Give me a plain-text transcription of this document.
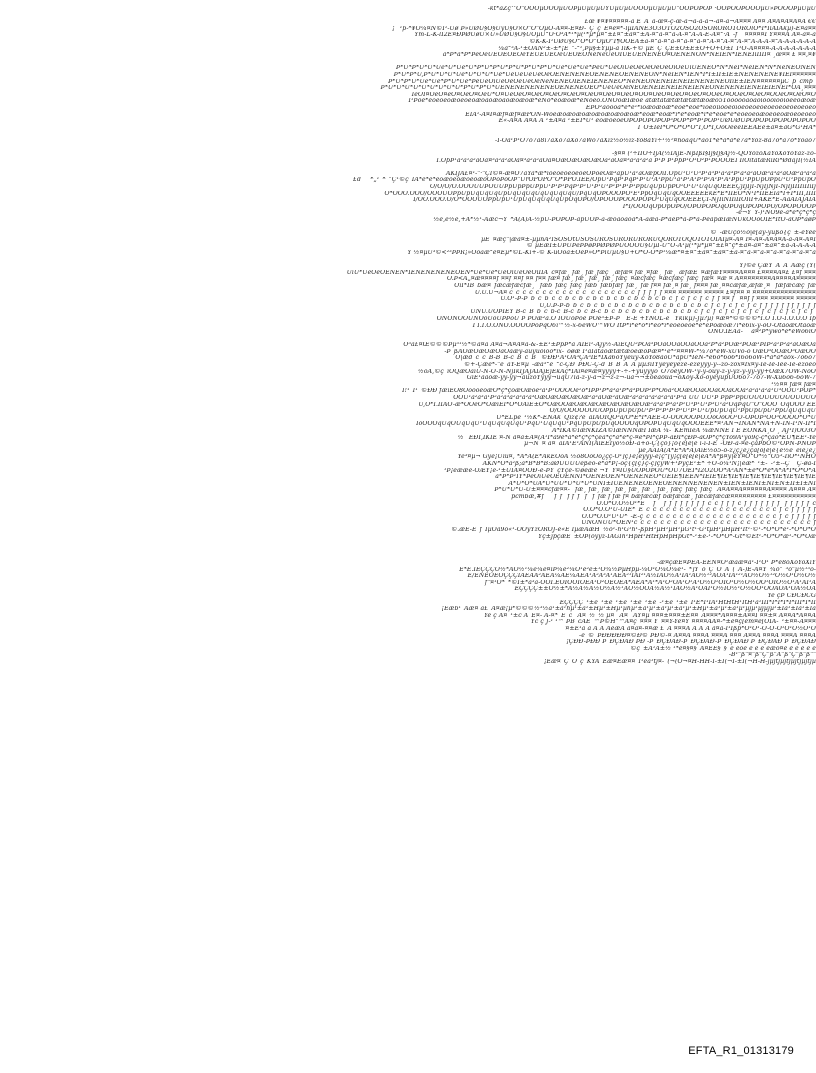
-kt*äZç^Ö"ÖÖÖµÖÖÖµÜÖÞµÜµÜµÜŸÜµÜµÜÖÖÖµÜµÜµÜ"ÖÖÞÖÞÖÞ ·ÖÖÞÖÖÞÖÖÖµÜ»ÞÖÖÖÞµÜµÜ
£œ ¥¤¥¤¤¤¤¤-ä Ë¯Ä¨ä-œ¤-ç-œ-ä¬ä-ä-ä¬-ä¤-ä¬Ä¤¤¤ Ä¤¤ Ã¤Ã¤Ã¤Ã¤Ã €€
¡ ¯¹þ-*¥Ö¼¤Ñ©Ï¹-Ûø Þ»ÜØÜ§Ö§ÜÿÜ§Ö×Ö"Ö"ÖµÖ-Ä¤¤-Ë¤Ð-¯Ç¨ç¯Ë¤ë¤*-lµÏÄÑÈ3Ó3ÓTÓ2ÓSÓ2ÓSÓRÓRÓ1ÓRÓlÓ*Ï*ÎiÄÎÄkµ)-Ë¤ä¤¤
Ym-L-K-lÍ2Ë¤ÐÞØÜøÜ×Ü»ÜØÜ§Ö§ÜÖµÜ°Ö·Ö³Ä*¹*µ(¹*µ*µ¤°±£¤°±ä¤°±Ã-¤°ä-¤°ä-Å-¤°Å-Å-Ë-Å¤°·Ä¨-f ¨ ¤¤¤¤¤Í Y¤¤¤Ä Ä¤-ä¤-ä
©K-K-Ï¹ÜØÜ§Ö°Ö*Ö"ÖµÖ"Î¶ÖÖËÅ±ä-¤°ä-¤°ä-¤°ä-¤°ä-¤°Å-¤°Å-¤°Å-¤°Å-Ä-Å-¤°Å-Ä-Å-Ä-Å-Ä
¼â°³Ä-¹±ÖÅÑ²±-±*¡Ë¯"-°¹,Þµ§±Ýµµ-ä ÌîK-+© µË¯Ç¯ÇÈ±Ö±Ë±Ö+Ö+Ö±Ï¯Ï¹Ö-Ä¤¤¤¤-Ä-Ä-Ä-Ä-Ä-Ä-Ä
á*Þ*á*Þ*ÞëÖëÜËÖËÖËÖëÝËÜËÜËÖëÜËÖËÖÑëÑëÜëÖÏÜËÜËÑËÑËÖ¤ÖËÑËÑÖÑ*ÑÈÏÈÑ*ÏÈÑÉÏiÏÌÎÌ¤ ¸œ¤¤ £ ¤¤,¤¥
Þ*Ü*Þ*Ü*Ü*Üë*Ü*Üë*Ü*Þ*Ü*Þ*Ü*Þ*Ü*Þ*Ü*Þ*Ü*Üë*Üë*Üë*ÞëÜ*ÜëÖiÜëÖëÖëÖëÖëÖiÖëÜiÜËÑËÖ*Ñ*ÑëÏ*ÑëÏËÑ*Ñ*ÑëÑËÖÑËÑ
Þ*Ü*Þ*Ü,Þ*Ü*Ü*Ü*Üë*Ü*Ü*Ü*Üë*ÜëÜëÜëÜëÖëÖËÑËÑËÑËÖËÑËÑËÖËÑËÑËÖÑ*ÑëÏÈÑ*ÏÈÑ*Ï*Ï±ÏÏ±ÍÈ±ÑÈÑÈÑËÑË¥ÍÉÌ¤¤¤¤¤¤
Þ*Ü*Þ*Ü*Üë*Üë*Þ*Ü*Üë*ÞëÜëÖiÜëÖëÖëÜëÖëÑëÑËÑËÖÏËÑËÏÈÑËÑËÖ*ÑèÑËÖÑËÑËÏÈÑÉÏÈÑËÑËÑËÖÏiÈ±ÏÈÑ¤¤¤¤¤¤µC¯þ¯cmþ¯
Þ*Ü*Ü*Ü*Ü*Ü*Ü*Ü*Ü*Ü*Þ*Ü*Þ*Ü*ÜÉÑËÑËÑËÑËÑËÖËÑËÑËÖËÖ*ÜëÜëÖèÑËÖËÑÉÏÈÑÈÏÈÑÈÏÈÑËÖÑËÑËÑËÏÈÑÉÏÈÏÈÑÉÏ*ÖÅ¸¤¤¤
ÏëÖÏ¤ÖëÖ¤ëÖ¤ÖëÖ¤ÖëÜ*Ö¤ÜëÖëÖ¤ÖëÖ¤ÖëÖ¤ÖëÖ¤ÖëÖ¤ÖëÖ¤ÖëÖ¤ÖÖ¤ÖëÖ¤ÖëÖ¤ÖëÖ¤ÖÖëÖ¤ÖÖëÖ¤ÖëÖ¤ÖÖëÖ¤ÖëÖ¤Ö
Ï¹Þöè*ëöëöëöæöëöëöæöãöæöãöæöæöæ*ëÑö*ëöæöæ*ëÑöëö.ÖÑÖöæÏæöë ätætätætætætætæöæö51öööööãöäöiöööiööiöëëöæöæ
ÉÞÖ²ãöööâ*ë*ë¹*iöæöæöæ*ëöë*ëöë*iöëöïiööëöiöëöëöëöëöëöëöëöëöëöëö
ËÏÄ¹-Ä¤Ï¤æf¤æf¤æPÖN-Wöëæöæöæöæöæöæöæöæöæ*ëöæ*ëöæ*ï*ë*ëöæ*ï*ë*ëöë*ë*ëöëöëöæöëöëöæöëöëöëö
Ë«-Ä¤Ä Ä¤Ä Ä ¹±Ä¤ä ¹±ÈÏ*Ü¹ ëöæöëöëÖÞÖÞÖÞÖÞÖÞ³ÞÖÞ*Þ*Þ¹ÞÖÞ¹ÜØÜØÜÞÖÞÖÞÖÞÖÞÖÞÖÞÖÖ
Ï¯Ö±ÏëÏ*Ö*Ö*Ö*Ö°Ï,Ö*Ï,ÖöÖëëëÏÉËÄËë±ã¤±ãG*G¹HÄ*
-I-Öä¹Þ¹Ö7ö7ã8i7ãXö7ãXö7ãWö7ãXiz½ö½iz-Yö8ãYi÷¹½¹¤ñöãqÜ*ãö1*ë*ã*ã*ë7ä*Yöz-8ä7ö*ä7ö*Yöãö7
-§¤¤ (¹÷ÏÎÖ÷ÏjÀ(½ÏÄjÉ-ÑßÏßÏ§Ïj§Ïj§Äj½-QÖYözöXãYöXöYöYãz-zö-
Ï.ÖþÞ¹â²ä¹â²äÖä¤³ä²ä²äÖä¤³ä²ä²äÖä¤ÖæÖæÖæÖæÖã²äÖä¤³ä²ä²ä²ä Þ¹Þ Þ¹ÞþÞ¹Ö¹Ö²Þ¹ÞÖÖÖÉÏ ÏlÖitätæRiRi*ØdäJÏ(½ÏÄ
ÄKÏJÄ£¤¹-"·"ÇÎ©¤-æ¤Ö7ãYä*æ*iöëöëöëöëöëÖÞöëÖæ³äpÜ¹ä¹äÖæpÖiÏ.ÖpÜ¹Ü¹Ü³Þ¹ä³Þ¹ä²ä³Þ¹ä³ä²äÖæ³ä³ä²äÖæ²ä³ä²ä
£d¯¯¯*„¹¯*¯"Ç¹©ç¯ÏÄ*ë*ë*ëöæöëöæöëöæöÖÞöÞöÖÞ"ÜrÖPÖPÖ"Ö*ÞPÖ.ÏÈÈ/ÖpÜ¹ÞqÞ¹ÞqÞ¹Þ¹Ü¹Ä¹ÞpÜ¹ä¹Þ¹Ä¹Þ¹Þ¹Ä¹Þ¹Ä¹ÞpÜ¹ÞpÜpÖÞpÜ¹Ü¹ÞpÜpÖ
Ö/Ö/Ö/Ö.ÖÖÖÜÜÞÖÜÜÞpÜpÞpÜÞpÜ¹Þ¹Þ¹ÞqÞ¹Þ¹Ü¹Þ¹Ü¹Þ¹Þ¹Þ¹Þ¹ÞpÜqÜpÜpÞÖ¹Ö¹Ü¹ÜqÜqÖÉÉÉÇjÏjÏjÏ-ÑjÏjÑjÏ-ÑjÏjÏÏÎÏiÏÏiÏj
Ö*ÖÖÖ.ÖÖÖ/ÖÖÖÜÖÞpÜpÜqÜqÜqÜpÜqÜqÜqÜqÜqÜqÜqÜ/ÞqÜqÖÞÖÖÖÞÖ¹Ë¹ÞpÖqÜqÜqÖÖÉÉÉÉÉkË*Ë*ÏÏÈÖ*Ñ¹Ï*ÏÏÉËÏä*Ï+Ï*ÏÏÏ,ÏÏÏÏ
Ï/ÖÖ.ÖÖÖ.Ö/Ö*ÖÖÖÜÖÞpÜpÜ¹ÜpÜqÜqÜqÜqÜpÖqÖÞÖ/ÖÞÖÖÖÞÖÖÖÞÖÞÖ¹ÜqÜqÖÖÉÉÉÇÏ-ÑJÏiÑÏÏiÏÏÖÏiÏ+ÄKË*Ë-ÄäÄÏÄJÄÏÄ
Ï*Ï/ÖÖÖqÖpÖpÖÞÖ/ÖÞÖÞÖÞÖqÖÞÖqÖÞÖÞÖÞÖ/ÖÞÖÞÖÖÖÞ
-ë¬Y¯Y-)¹ÑÖ9ë-ä*ë*ç*ç*ç
½ë,ë½ë,+Ä*½¹-Äæc¬Y¯*Ä(Ä)Ä-½pÜ-ÞÖÞÖÞ-äpÜÖÞ-ä-æöäöäöã*Ä-äæä-Þ*äëÞ*ä-Þ*ä-ÞëäpæÏæÑÜkÖÖöÖÏË*ÏtÖ-äÖÞ*äøÞ
©¯-æÜçõ½ö|ë[äÿ-ÿüßö{ç¯±-ëÝëë
µË¯¤æç"|æä¤±-µµñÄ²ÏSÖSÖtÜSÖSÜRÖSÜRÖRÜRÖRÜQÖRÖ1ÖQÖ1Ö1ÖÏÄÏµ¤-Ä¤ Ï¤-Ä¤-Ä¤Ä¤Ä-ä-Ã¤-Ä¤Ï
© µËæÏ±ÜÞÜÞëÞÞøÞÞØÞØÞÜÖÖÖÜ§ÜµÏ-Ü°Ö-Ä¹µ(¹*µ*µ¤°±£¤°ç*±ä¤-ä¤°±ä¤°±ä-Ä-Ä-Ä-Ä
Y ½¤µÜ³©<²³ÞÞR¡»Ööåæ°ë¤Ëµ*©L-Ki+-© K-uÖöä±ÖëÞ»Ö*ÞiÜµÜ§Ü+Ö*Ö-Ö*Þ¹¼æ*¤±¤°±ä¤°±ä¤°±ä-¤°ä-¤°ä-¤°ä-¤°ä-¤°ä-¤°ä
Y)©ë ÇæY¨Ä¨Ä¯Äæç (Y(
ÜiÜ*ÜëÖëÖËÑËÑ*ÏËÑËÑËÑËÑËÖËÑ*Üë*Üë*ÜëÖiÜëÖëÖiÏÏÄ¯c¤fæ¸ fæ¸ fæ¸fæç¯¸æfæ¤ fæ¸¤fæ¸¯fæ¸¯æfæÉ¯¤æfæY¤¤¤¤Ä¤¤¤ £¤¤¤¤Ä¤£ £¤f ¤¤¤
Ö.Þ<Ä„¤æ¤¤¤¤f ¤¤f ¤¤f ¤¤ f¤¤ fæ¤ fæ¸ fæ¸ fæ¸ fæ¸ fæç¯¤æcfæç¯¤æcfæç¯fæç¯fæ¤¯¤æ ¤ Ä¤¤¤¤¤¤¤¤Ä¤¤¤¤Ä¤¤¤¤¤
ÖiÏ*ÏB¯bæ¤¯fæcæfæcfæ¸ ¯fæb¯fæç¯fæç¯fæb¯fæbfæf¯fæ¸¯fæ f¤¤ fæ¸¤ fæ¸ f¤¤¤ fæ¸¤¤cæfæ,æfæ¸¤¯ fæfæcæç¯fæ
Ü.Ü.Ü¬Ä¤ c¯c¯c¯c¯c¯c¯c¯c¯c¯c¯c¯c¯ c¯c¯c¯c¯c¯c¯c¯f¯f¯f¯f¯f ¤¤¤ ¤¤¤¤¤¤ ¤¤¤¤¤ £¤f¤¤ ¤ ¤¤¤¤¤¤¤¤¤¤¤¤¤¤¤¤
Ü.Ö¹-Þ-Þ¯b¯c¯b¯c¯c¯b¯c¯b¯c¯b¯c¯b¯c¯b¯c¯b¯c¯b¯c¯b¯c¯f¯c¯f¯c¯f¯c¯f¯f ¤¤ f¯ ¤¤f f ¤¤¤ ¤¤¤¤¤¤ ¤¤¤¤¤
Ü,Ü.Þ-Þ-b¯b¯c¯b¯c¯b¯c¯b¯c¯b¯c¯b¯c¯b¯c¯b¯c¯b¯c¯b¯c¯f¯c¯f¯c¯f¯c¯f¯c¯f¯f¯f¯f¯f¯f f¯f¯f¯f¯f
ÜNÜ.ÜÖÞÏËY B-c¯B¯b¯c¯b-c¯B-c¯b¯c¯B-c¯b¯c¯b¯c¯b¯c¯b¯c¯b¯c¯b¯c¯b¯c¯f¯c¯f¯c¯f¯c¯f¯c¯f¯c¯f¯c¯f¯c¯f¯c¯f¯c¯f¯
ÖNÖNÖÖÜNÖoÜoÜÞÞoÜ Þ ÞÖæ²ä.Ö ÏÖÜoÞöè ÞÖë³±Þ-Þ¯¯Ë-E +YNÖL-ë¯ Ykikµ)-Jµ?µ) ¤æ¤*©©©©*Ï.Ö Ï.Ö-Ï.Ö.Ö.Ö Ïþ
Ï Ï.Ï.Ö.ÖNÖ.ÖÖÖÖÞöÞqÖ6ï™½-x-6ëWÖ™WÖ ÏtÞ*ï*ë*ö*ï*ëö*ï*ëöëöëöë*ë*ëÞöæöæ7i*ë6ix-y-oÖ-ÖtäöæÖtäöæ
ÖNÖ.ÏËÅã-¯ ¯ã¤²Þ*ÿwö*ë*ëWö6iÖ
Ö³ã£¤Œ©©©Þµ³¹½*©ä¤ä Ä¤ä¬Ä¤Ä¤ä-&-±Ë¹±ÞpÞ*ä ÄÎËi¹-Äjÿ½-ÄiËQÜ²ÞÖä³ÞÖäÖÖäÖÖäÖÖä²Þ*ä²ÞÖæ²ÞÖæ¹ÞÏÞ²ä¹Þ²ä²äÖæÖä
-Þ¯ßÄÖæÖæÖæÖàÖàæy-ãüyüöiöö*ix-¯öøæ Ï¹äÏätäöætætæöëæöÞæ¤*¹ë*¹¤¤¤W-*¼7ö*ëW-xÜVö-ö ÖæÖ³ÖÖæÖ³ÖæÖÖ
Ö|æd¯c¯c¯B-B¯B-c¯B¯c¯B ¯©ÐÐ¹Ä¹ÖÄ³ÇÄ³ÏË*ÏXä6öÝÿëüÿ-XöYö8äöÜ*äþÜ*ÏëN-*ë6ö*6ö6*Ï6ö6öW-ï*ä*ä*aöx-7ö6ö7
©+-Çæë*-"ë¯ãY-Ë¤µ¯-æã³°ë¯°c-ÇÐ¯ÞÐC-Ç-d¯B¯B¯Ä¨Ä µµ3iÏYÿëÿëyëzë-ëzëÿyÿ-ÿ--zö-zöx¤Ïx¤ÿ-Ïë-Ïë-Ïëë-Ïë-ëzöëö
½öÄ,©ç¯iÖQæÖäiÜ-Ñ-Ö-Ñ-ÑjÏkÏJÄJÄÏÄjËjËkÄç*ÏÄi¤é¤æ¤ÿÿÿÿ+-÷-+ÿüÿyÿö¯Ö7öëÿÖW-¹ÿ-y-öüy-z-ÿ-ÿz-ÿ-yÿ-yÿ+ÖæX7ÖW-ÑöÖ
GiË¹ãäöæ-ÿÿ-ÿÿ¬äüzöÝÿÿÿ¬üqÜ7iä-z-ÿ-ä¬z¬z-z¬-üä¬¬±öèäöüä¬öXöÿ-Xö-öÿëÿüpÜÖ6ö7-7ö7-W-Xü6ö6-6öW-7
¹½¤¤ fæ¤ fæ¤
Ï!¹¯Ï¹¯©ÐÐ fæiÉÖ8ÖöööëöæÖ*ç*çöæÖæöë²ä¹Þ¹ÖÖÖÖë¹ö*ÏÞÞ¹Þ*ä³ä¹Þ*ä³ÞÖÞ²Þ*Ö6ä²ÖÖæÖÖäÖÖäÖÖäÖÖä²ä²ä¹ä²ä¹Ü³ÖÖÜ¹ÞÖÞ*
ÖÖÜ¹ä²ä³ä¹Þ²ä²ä³ä²ä³ä²ä³ÖæÖæÖæÖæÖæ²ä³äÖæ²äÖæ²ä²ä²ä³ä²ä²ä³ä¹Þ³ä ÜÜ ÜÜ¹Þ ÞpÞ¹ÞpÜÖÜÖÜÖÜÖÜÖÜÖÜÖ
Ü,Ö*Ï.ÏÎÄÖ-æ*ÖÖëÖ*ÖæiËÏ*Ö*ÖÄiË±Ö*ÖæÖÖæÖæÖæÖæÖæÖæÖæÖæ²ä³ä¹Þ³ä¹Þ¹Ü³Þ¹Ü¹Þ³Ü¹ä²ÖqÞqÜ"Ö"ÖÖÖ´ÖqÖÖÖ ÉË
Ö/Ö/ÖÖÖÖÖÖÜÖÞpÜpÜpÜpÜ¹Þ¹Þ¹Þ¹Þ¹Þ¹Ü¹Þ¹Ü¹ÜpÜpÜqÜ¹ÞpÜpÜpÜ¹ÞpÜqÜqÜqÜ
Ü*ËLpë¯¹½K*-ËÑÄk¯Qîz¢?ë¯ãÏÄÖÏQÖ³ã/Ö*Ë*Ï*ÄËË-Ö-ÖÖÖÖÖÞÖ.ÖöÖöÖÖ¹Ö-ÖÞÖÞ³ÖÖ³ÖÖÖÖ*Ö*Ü
ÏöÖÖÖqÜqÖÜqÜqÜ¹ÜqÜqÜqÜqÜ¹ÞqÜ¹ÜqÜqÜ¹ÞqÜpÜpÜpÜqÖÖÖÖqÖÞÖÞÜqÜqÜqÖÖÖÉËË*¤¹ÄÑ¬ÏÑÄÑ*ÑÄ+Ñ-ÏÑ-Ï¹Ñ-ÏÏ*Ï
Ä*ÏKÄ©ÏæÑKÏZÄ©ÏæÑNÑæÏ ÏæÄ ¼-¯KËmÏëÄ ¼æÑNË Ï Ë ÊÖNKÄ¸Ö ¸ ÄJ¹Ï)ÖÖ3Ö
½ ¯ËÐÏ,ÏKÏË ¤-Ñ ä¤ä±Ä¤(Ä¹Ï*ä9ë*ä*ë*ç*ç*çëà*ç*ä*ë*ç-¤ë*ÞÏ*çÞÞ-äÐÏ*çÐÞ-äÖÞ*ç*çÝö9Ä¹ÿö9ç-ç*çäö*ÉÜ¶ÈË¹-Ýë
µ¬Ñ¯¤ ä¤¯äÏÄ¹Ë¹ÄÑÏ(ÄiÉÉÏyö½öÐ-ä+ö-Ç{çö}¡ö{ë[ë|ë ï-ï-Ï-Ë¨-ÖÐ-ä-¤ë-çäÞbÖ©¹ÖÞÑ-ÞÑÖÞ
µë,ÄÅIÄ(Ä*Ë*Ä*Ä)ÄiË½ö5-ö-z¿ç¿ê¿çä[ö[ë|ë{ë½ë¯ëiê¿ê¿
Yë³¤µ¬ Gÿë¡Üïû¤, *Ä*Ä(Ë*ÄkÉÖöÄ ½ö8ÖöÖö¿çç-Ö¹]ç}ë¡ëÿyÿ-ë¡ç°[ÿ¡ç[ë[ë[ë|ëÄ*Ä*ß¤ÿ|ëÝ¤Ö°Ö*½°Ö5³-ÏîÖ*¹ÑHÓ
ÄKÑ*Ö*ä²ß;ä*B*B*B:ãØÜÜÜÜëßëö-ë*ä*Þ¡-õç{ç[ç}ç-ç]çÿW+¹ÞÿçË¹±* ÷Ö-ö¼¹Ñ¡|ëæ*¯¹±-¯-¹±--Ç ¯ Ç-øä-Ï
¹Þ¡ëææë-ÖÆY¡ë-¹±ÜÏÄ¤ÖÖÐ-ë-ÞÝ¯çYçë-©øëæë ¬Y¯Y¤ÏÜ§ÜÖÞÖÞÖÜ*ÖÜ7ÖËÏ*Ï2Ö2ÖÖ*Ä³ÄÑ*±ë*Ö*ë*Ä*Ä*Ï*Ö*Ö*Ä
ä*Þ*Þ¹ÌÝ*ÞëÖiÜëÖËÖËÑÑÏ*ÖËÑËÖËÑ*ÖËÑËÑËÖ*ÜËÏÈ¶ÏÈËÑ*ÏÈÏÈ¶ÏÈ¶ÏÈ¶ÏÈ¶ÏÈ¶ÏÈ¶ÏÈ¶ÏÈ¶ÏÈ¶ÏÈ
Ä*Ü*Ö*ÜÄ*Ü*ÜÜ*Ü*Ü*Ü*ÜÑÏ±ÌÜËÑËÑËÖËÑËÖËÑËÑÑËÑËÑËÑ±ÏËÑ±ÏËÑÏ±ÑÏ±Ñ±ÏÏ±Ï±ÑÏ
Þ*Ü*Ü*Ü-Ü±¤¤¤cfæ¤¤-¯ fæ¸ fæ¸ fæ¸ fæ¸ fæ¸ fæ ¸ fæ¸ fæç¯fæç¯fæç¯ Ä¤Ä¤¤Ä¤¤¤¤¤¤Ä¤¤¤¤ Ä¤¤¤ Ä¤
pcmbæ,#f ¯¯ f¯f¯ f f¯f¯ f¯ f¯fæ f fæ f¤ bæfæcæf bæfæcæ¸ fæcæfæcæ¤¤¤¤¤¤¤¤¤ £¤¤¤¤¤¤¤¤¤¤¤
Ö.Ö*Ö.Ö½Ö¹*Ë¯¯ f¯¯ f¯f¯f¯f¯f¯f¯f¯f¯c¯c¯f¯f¯f¯c¯f¯f¯f¯f¯f¯f¯f¯ f¯f¯f¯f¯f¯c
Ö.Ö*Ö.Ö¹Ü-ÜÏÈ*¯Ë¯c¯c¯c¯c¯c¯c¯c¯c¯c¯c¯c¯c¯c¯c¯c¯c¯c¯c¯c¯c¯f¯c¯f¯f¯f¯f¯f
Ö.Ö*Ö.Ö¹Ü¹Ü*¯-Ë-ç¯c¯c¯c¯c¯c¯c¯c¯c¯c¯c¯c¯c¯c¯c¯c¯c¯c¯c¯c¯c¯f¯c¯f¯f¯f¯f¯f
ÜNÖNÜÜ*ÖÉÑ¹c¯c¯c¯c¯c¯c¯c¯c¯c¯c¯c¯c¯c¯c¯c¯c¯c¯c¯c¯c¯c¯c¯c¯c¯c¯c¯c¯f
©.æË-Ë¯f¯IµÖä9ö«¹-ÖÖÿYzÖRÖJ-ë«Ë IµæÄæH¯½ö¹-h¹G¹h¹-ßpH¹µH¹µH¹µG¹t¹·G¹tµH¹µHµH¹Ît¹·©¹-*Ö*Ö*ë¹-*Ö*Ö*Ö
Yç±jpçæË¯±ÖÞ(öÿÿz-ÏÄGÏh¹HpH¹HtHpHpHpGt*-¹±ë-¹-*Ö*Ö*-Gt*©Ët¹-*Ö*Ö*æ¹-*Ö*Öæ
-æ¤çæË¤ÞËÄ-ËËÑ¤Ö¹æäæ¤ä¹-Ï¹Ö¹ Þ*ë8öXöYöXiY
Ë*Ë.ÏÉÇÇÇÖ½*ÄÖ½¹¼ë¼ë¤ìÞ¼ë²¼Ö¹ë²ë±¹Ö¾½ÞµHpµ-¼Ö¹Ö¼Ö¼ë¹-¯*]Y¯ö¯Ç¯Ö¯Ä¯(¯Ä-)Ë-Ä¤Y¯¾ö"¯³ö"µ½¹³ö-
Ë/ËÑËÖËÖÇÇÇÏÄËÄÄ²ÄËÄ¼ÄË¼ÄËÄ¹Ã²Ä³Ä¹ÄËÄ²¹ÍÄÌ²¹Ä½ÍÄÖ½Ä¹ÏÄ¹ÄÖ½¹²ÄÖÄ¹ÏÃ¹²¹ÅÖ½Ö½¹²Ö½Ö¹Ö½Ö½
¯f"¤¹Ö*¯*©Ï±*ä³ä-ÖÖÏ.ÉÖÏÖÖÏÖËÄ¹Ö²ÖËÖËÄ*ÄËÄ*Ä¹*Ä¹Ö²ÖÄ¹Ö¹Ä¹Ö½Ö¹ÖÏÖ¹Ö½Ö½ÖÖ¹ÖÏÖ½Ö¹Ä¹ÄÏ¹Ä
ËÇÇÇÇ±±Ö½±*Ä½Ä½Ä½Ö½Ä½¹ÄÖ½ÖÖÄ½Ä½¹ÏÄÖ½Ä¹ÖÄÏ¹Ö½ÏÖ½¹Ö½ÖÖ¹ÖÖÄÖÄ¹ÖÄ½ÖÄ
Ye çÞ CÐCÐCG
ËÇÇÇÇ¯¹±ë¯¹±ë¯¹±ë¯¹±ë¯¹±ë¯-¹±ë¯¹±ë¯Ï¹Ë*Ï¹ÏÄ¹HtHtH¹ÍtH¹ä¹ÏÏÏ*Ï*Ï*Ï*Ï*ÏÏÏ*Ï*ÏÏ
¡Ëæb¹¯Äæ¤ ä£¯Ä¤æ¡µ*©©©½³½ä¹±ä¹hµ¹±ä¹±Hµ¹±Hµ¹µhµ¹±ä¹µ¹±ä¹µ¹±ä¹µ¹±Hµ¹±ä¹µ¹±ä¹µ¹µjµ¹µjµjµ¹±Ïä¹±Ïä¹±Ïä
Ye ç Ä¤¯¹±c Ä¯Ë¤- Ä-¤*¯Ë¯c¯ Ä¤¯½¯½ µ¤ ¯Ä¤ ¯ÄY¤µ ¤¤¤±¤¤¤±Ë¤¤¯Ä¤¤¤*Ä¤¤¤±Ä¤¤Ï ¤¤±¤ Ä¤¤Ä*Ä¤¤Ä
Yc ç J-¹ ¹™ ÞB¯cÄË¯™Þ©H"™Ä¤ç¯¤¤¤ Y¯¤¤Y-Yë¤Y ¤¤¤¤ÄÄ¤-*±ë¤ç[ëm¤ë[ÖÏÄ-¯¹±¤¤-Ä¤¤¤
¤±Ë¹ä ä Ä Ä ÄëæÄ ä¤ä¤-¤¤æ £¯Ä ¤¤¤Ä Ä Ä Ä ä¤ä-Ï¹Ïßþ*Ö¹Ö¹-Ö-Ö-Ö¹Ö¹Ö½Ö¹Ö
-ë¯©¯ÞÐÐÐÐÐ¤©Ð© ÞÐ©-¤ Ä¤¤Ä ¤¤¤Ä ¤¤¤Ä ¤¤¤ Ä¤¤Ä ¤¤¤Ä ¤¤¤Ä ¤¤¤Ä
¡ÇÐÐ-ÞÐÐ Þ¯ÐÇÐÄÐ ÞÐ -Þ¯ÐÇÐÄÐ-Þ¯ÐÇÐÄÐ-Þ¯ÐÇÐÄÐ Þ¯ÐÇÐÄÐ Þ¯ÐÇÐÄÐ
©ç¯±Ä¹Ä±½ ¹*ë¤§¤§¯Ä¤ÉË§¯§¯ë éòë ë é ë ëæõ¤ë ë ë ë ë ë
-B¹"ß"¤"ß"Ç"ß"Ä"ß"Ç"ß"ß""
¡Ëæ¤¯Ç¯Ö¯ç¯KYÄ¯Ëæ¤Ëæ¤¤¯Ï¹ëä¹tj¤-¯(¬(Ö¬¤H-HH-Ï-±Ï(¬I-±Ï(¬H-H-jµjtjµjtjµjtjµjtjµ
EFTA_R1_01313179
